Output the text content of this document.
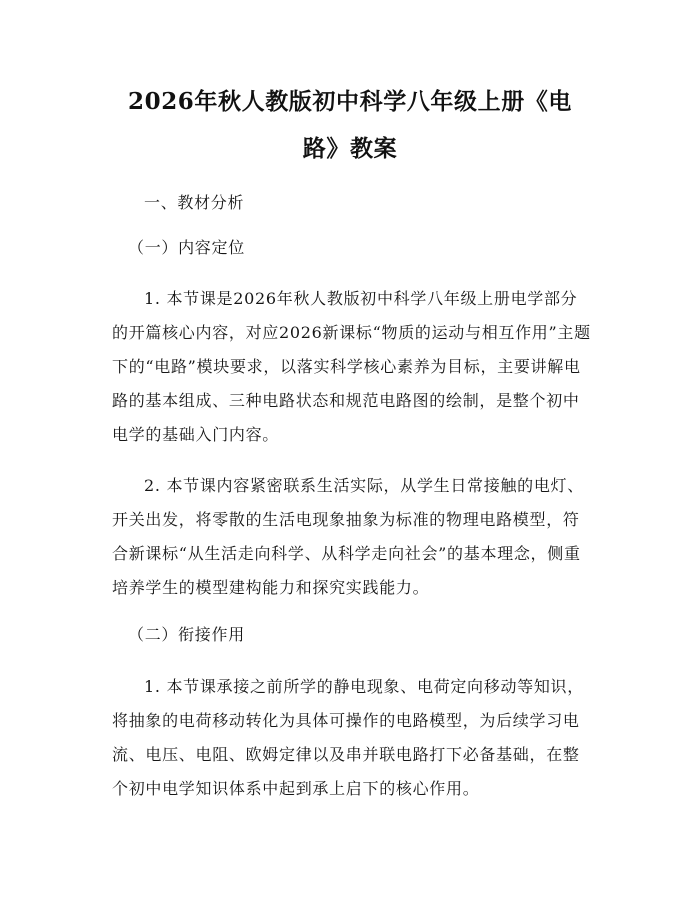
2026年秋人教版初中科学八年级上册《电路》教案

一、教材分析

（一）内容定位

1. 本节课是2026年秋人教版初中科学八年级上册电学部分的开篇核心内容，对应2026新课标“物质的运动与相互作用”主题下的“电路”模块要求，以落实科学核心素养为目标，主要讲解电路的基本组成、三种电路状态和规范电路图的绘制，是整个初中电学的基础入门内容。

2. 本节课内容紧密联系生活实际，从学生日常接触的电灯、开关出发，将零散的生活电现象抽象为标准的物理电路模型，符合新课标“从生活走向科学、从科学走向社会”的基本理念，侧重培养学生的模型建构能力和探究实践能力。

（二）衔接作用

1. 本节课承接之前所学的静电现象、电荷定向移动等知识，将抽象的电荷移动转化为具体可操作的电路模型，为后续学习电流、电压、电阻、欧姆定律以及串并联电路打下必备基础，在整个初中电学知识体系中起到承上启下的核心作用。
